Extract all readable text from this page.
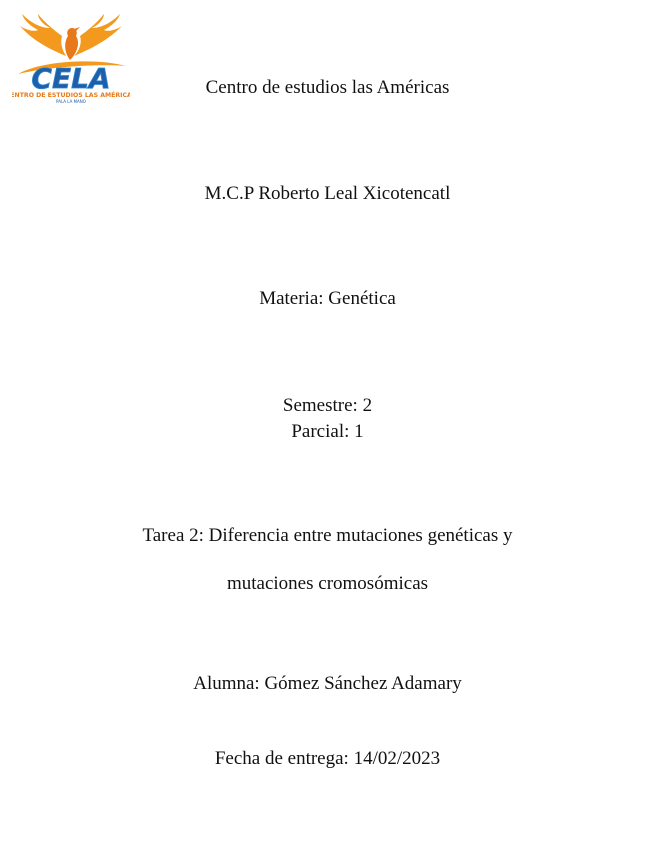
CELA
CENTRO DE ESTUDIOS LAS AMÉRICAS
PALA LA MANO
Centro de estudios las Américas
M.C.P Roberto Leal Xicotencatl
Materia: Genética
Semestre: 2
Parcial: 1
Tarea 2: Diferencia entre mutaciones genéticas y
mutaciones cromosómicas
Alumna: Gómez Sánchez Adamary
Fecha de entrega: 14/02/2023
